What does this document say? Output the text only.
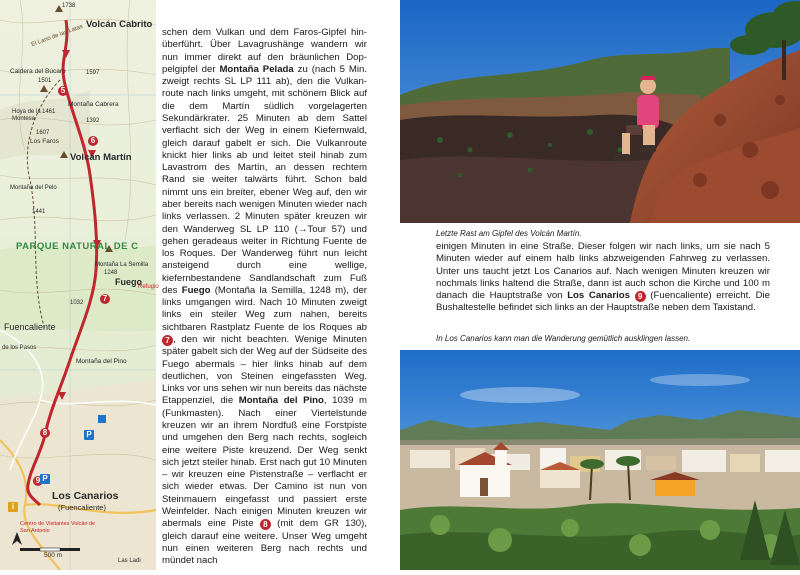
1738
Volcán Cabrito
El Lano de las Latas
Caldera del Búcaro	1597
1501
Montaña Cabrera
1461
Hoya de la Montesa	1392
1607
Los Faros
Volcán Martín
1441
Montaña del Pelo
PARQUE NATURAL DE C
Montaña La Semilla
1248
Fuego
Refugio
1032
Fuencaliente
de los Pasos
Montaña del Pino
Los Canarios
(Fuencaliente)
Centro de Visitantes Volcán de San Antonio
500 m
Las Ladi
5
6
7
8
9
P
P
i

schen dem Vulkan und dem Faros-Gipfel hinüberführt. Über Lavagrushänge wandern wir nun immer direkt auf den bräunlichen Doppelgipfel der Montaña Pelada zu (nach 5 Min. zweigt rechts SL LP 111 ab), den die Vulkanroute nach links umgeht, mit schönem Blick auf die dem Martín südlich vorgelagerten Sekundärkrater. 25 Minuten ab dem Sattel verflacht sich der Weg in einem Kiefernwald, gleich darauf gabelt er sich. Die Vulkanroute knickt hier links ab und leitet steil hinab zum Lavastrom des Martín, an dessen rechtem Rand sie weiter talwärts führt. Schon bald nimmt uns ein breiter, ebener Weg auf, den wir aber bereits nach wenigen Minuten wieder nach links verlassen. 2 Minuten später kreuzen wir den Wanderweg SL LP 110 (→Tour 57) und gehen geradeaus weiter in Richtung Fuente de los Roques. Der Wanderweg führt nun leicht ansteigend durch eine wellige, kiefernbestandene Sandlandschaft zum Fuß des Fuego (Montaña la Semilla, 1248 m), der links umgangen wird. Nach 10 Minuten zweigt links ein steiler Weg zum nahen, bereits sichtbaren Rastplatz Fuente de los Roques ab 7 , den wir nicht beachten. Wenige Minuten später gabelt sich der Weg auf der Südseite des Fuego abermals – hier links hinab auf dem deutlichen, von Steinen eingefassten Weg. Links vor uns sehen wir nun bereits das nächste Etappenziel, die Montaña del Pino, 1039 m (Funkmasten). Nach einer Viertelstunde kreuzen wir an ihrem Nordfuß eine Forstpiste und umgehen den Berg nach rechts, sogleich eine weitere Piste kreuzend. Der Weg senkt sich jetzt steiler hinab. Erst nach gut 10 Minuten – wir kreuzen eine Pistenstraße – verflacht er sich wieder etwas. Der Camino ist nun von Steinmauern eingefasst und passiert erste Weinfelder. Nach einigen Minuten kreuzen wir abermals eine Piste 8 (mit dem GR 130), gleich darauf eine weitere. Unser Weg umgeht nun einen weiteren Berg nach rechts und mündet nach

Letzte Rast am Gipfel des Volcán Martín.

einigen Minuten in eine Straße. Dieser folgen wir nach links, um sie nach 5 Minuten wieder auf einem halb links abzweigenden Fahrweg zu verlassen. Unter uns taucht jetzt Los Canarios auf. Nach wenigen Minuten kreuzen wir nochmals links haltend die Straße, dann ist auch schon die Kirche und 100 m danach die Hauptstraße von Los Canarios 9 (Fuencaliente) erreicht. Die Bushaltestelle befindet sich links an der Hauptstraße neben dem Taxistand.

In Los Canarios kann man die Wanderung gemütlich ausklingen lassen.
